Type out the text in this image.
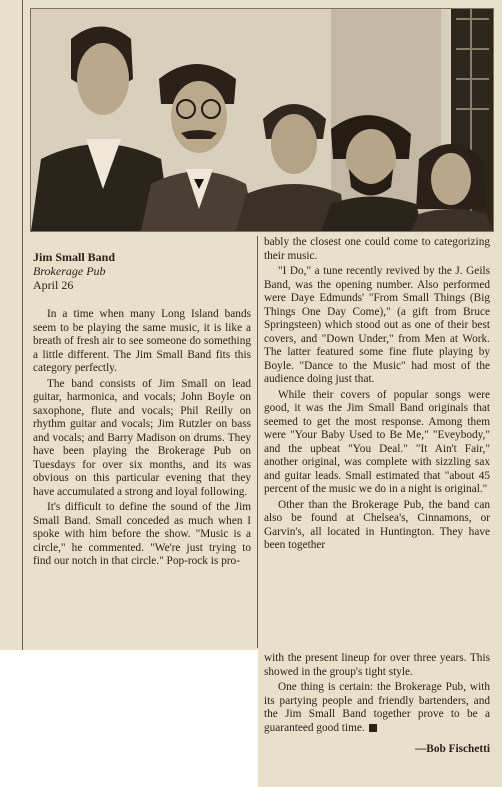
Jim Small Band
Brokerage Pub
April 26

In a time when many Long Island bands seem to be playing the same music, it is like a breath of fresh air to see someone do something a little different. The Jim Small Band fits this category perfectly.

The band consists of Jim Small on lead guitar, harmonica, and vocals; John Boyle on saxophone, flute and vocals; Phil Reilly on rhythm guitar and vocals; Jim Rutzler on bass and vocals; and Barry Madison on drums. They have been playing the Brokerage Pub on Tuesdays for over six months, and its was obvious on this particular evening that they have accumulated a strong and loyal following.

It's difficult to define the sound of the Jim Small Band. Small conceded as much when I spoke with him before the show. "Music is a circle," he commented. "We're just trying to find our notch in that circle." Pop-rock is pro-

bably the closest one could come to categorizing their music.

"I Do," a tune recently revived by the J. Geils Band, was the opening number. Also performed were Daye Edmunds' "From Small Things (Big Things One Day Come)," (a gift from Bruce Springsteen) which stood out as one of their best covers, and "Down Under," from Men at Work. The latter featured some fine flute playing by Boyle. "Dance to the Music" had most of the audience doing just that.

While their covers of popular songs were good, it was the Jim Small Band originals that seemed to get the most response. Among them were "Your Baby Used to Be Me," "Eveybody," and the upbeat "You Deal." "It Ain't Fair," another original, was complete with sizzling sax and guitar leads. Small estimated that "about 45 percent of the music we do in a night is original."

Other than the Brokerage Pub, the band can also be found at Chelsea's, Cinnamons, or Garvin's, all located in Huntington. They have been together

with the present lineup for over three years. This showed in the group's tight style.

One thing is certain: the Brokerage Pub, with its partying people and friendly bartenders, and the Jim Small Band together prove to be a guaranteed good time.

—Bob Fischetti
